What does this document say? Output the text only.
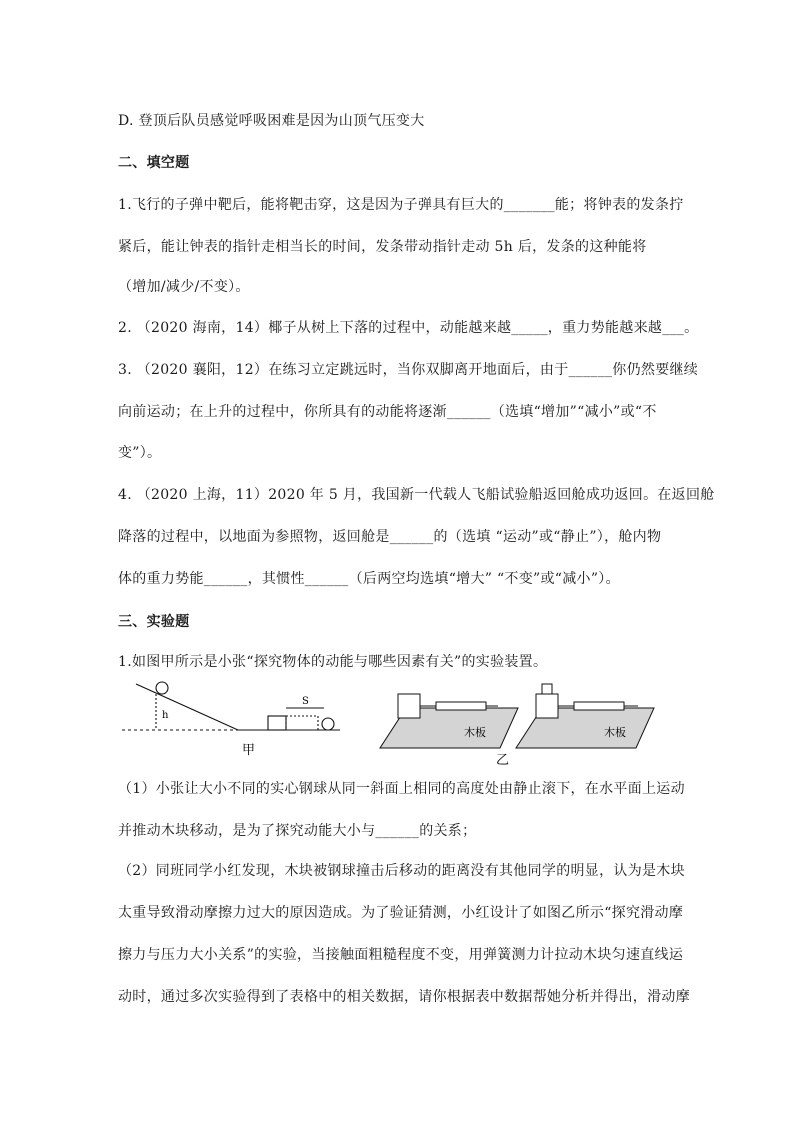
D. 登顶后队员感觉呼吸困难是因为山顶气压变大
二、填空题
1.飞行的子弹中靶后，能将靶击穿，这是因为子弹具有巨大的_______能；将钟表的发条拧
紧后，能让钟表的指针走相当长的时间，发条带动指针走动 5h 后，发条的这种能将
（增加/减少/不变）。
2. （2020 海南，14）椰子从树上下落的过程中，动能越来越_____，重力势能越来越___。
3. （2020 襄阳，12）在练习立定跳远时，当你双脚离开地面后，由于______你仍然要继续
向前运动；在上升的过程中，你所具有的动能将逐渐______（选填“增加”“减小”或“不
变”）。
4. （2020 上海，11）2020 年 5 月，我国新一代载人飞船试验船返回舱成功返回。在返回舱
降落的过程中，以地面为参照物，返回舱是______的（选填 “运动”或“静止”），舱内物
体的重力势能______，其惯性______（后两空均选填“增大” “不变”或“减小”）。
三、实验题
1.如图甲所示是小张“探究物体的动能与哪些因素有关”的实验装置。
h
S
甲
木板	木板
乙
（1）小张让大小不同的实心钢球从同一斜面上相同的高度处由静止滚下，在水平面上运动
并推动木块移动，是为了探究动能大小与______的关系；
（2）同班同学小红发现，木块被钢球撞击后移动的距离没有其他同学的明显，认为是木块
太重导致滑动摩擦力过大的原因造成。为了验证猜测，小红设计了如图乙所示“探究滑动摩
擦力与压力大小关系”的实验，当接触面粗糙程度不变，用弹簧测力计拉动木块匀速直线运
动时，通过多次实验得到了表格中的相关数据，请你根据表中数据帮她分析并得出，滑动摩
